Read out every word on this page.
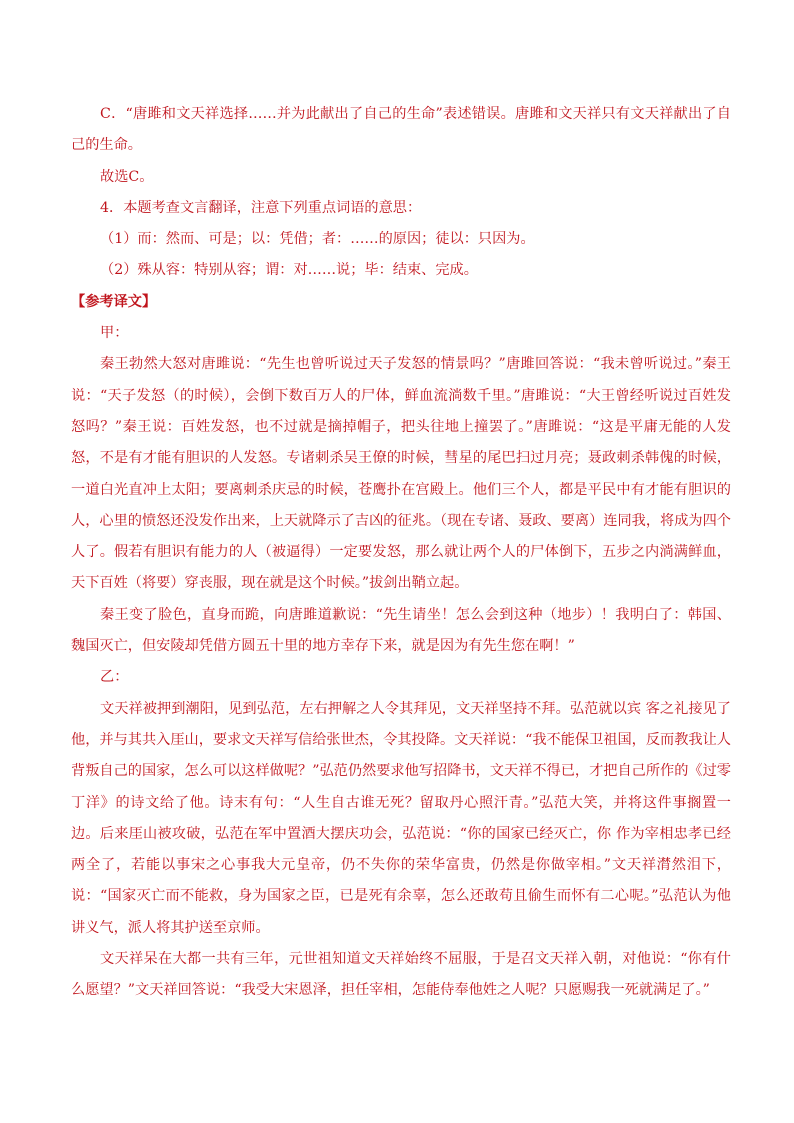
C．“唐雎和文天祥选择……并为此献出了自己的生命”表述错误。唐雎和文天祥只有文天祥献出了自己的生命。

故选C。

4．本题考查文言翻译，注意下列重点词语的意思：

（1）而：然而、可是；以：凭借；者：……的原因；徒以：只因为。

（2）殊从容：特别从容；谓：对……说；毕：结束、完成。

【参考译文】

甲：

秦王勃然大怒对唐雎说：“先生也曾听说过天子发怒的情景吗？”唐雎回答说：“我未曾听说过。”秦王说：“天子发怒（的时候），会倒下数百万人的尸体，鲜血流淌数千里。”唐雎说：“大王曾经听说过百姓发怒吗？”秦王说：百姓发怒，也不过就是摘掉帽子，把头往地上撞罢了。”唐雎说：“这是平庸无能的人发怒，不是有才能有胆识的人发怒。专诸刺杀吴王僚的时候，彗星的尾巴扫过月亮；聂政刺杀韩傀的时候，一道白光直冲上太阳；要离刺杀庆忌的时候，苍鹰扑在宫殿上。他们三个人，都是平民中有才能有胆识的人，心里的愤怒还没发作出来，上天就降示了吉凶的征兆。（现在专诸、聂政、要离）连同我，将成为四个人了。假若有胆识有能力的人（被逼得）一定要发怒，那么就让两个人的尸体倒下，五步之内淌满鲜血，天下百姓（将要）穿丧服，现在就是这个时候。”拔剑出鞘立起。

秦王变了脸色，直身而跪，向唐雎道歉说：“先生请坐！怎么会到这种（地步）！我明白了：韩国、魏国灭亡，但安陵却凭借方圆五十里的地方幸存下来，就是因为有先生您在啊！”

乙：

文天祥被押到潮阳，见到弘范，左右押解之人令其拜见，文天祥坚持不拜。弘范就以宾 客之礼接见了他，并与其共入厓山，要求文天祥写信给张世杰，令其投降。文天祥说：“我不能保卫祖国，反而教我让人背叛自己的国家，怎么可以这样做呢？”弘范仍然要求他写招降书，文天祥不得已，才把自己所作的《过零丁洋》的诗文给了他。诗末有句：“人生自古谁无死？留取丹心照汗青。”弘范大笑，并将这件事搁置一边。后来厓山被攻破，弘范在军中置酒大摆庆功会，弘范说：“你的国家已经灭亡，你 作为宰相忠孝已经两全了，若能以事宋之心事我大元皇帝，仍不失你的荣华富贵，仍然是你做宰相。”文天祥潸然泪下，说：“国家灭亡而不能救，身为国家之臣，已是死有余辜，怎么还敢苟且偷生而怀有二心呢。”弘范认为他讲义气，派人将其护送至京师。

文天祥呆在大都一共有三年，元世祖知道文天祥始终不屈服，于是召文天祥入朝，对他说：“你有什么愿望？”文天祥回答说：“我受大宋恩泽，担任宰相，怎能侍奉他姓之人呢？只愿赐我一死就满足了。”
